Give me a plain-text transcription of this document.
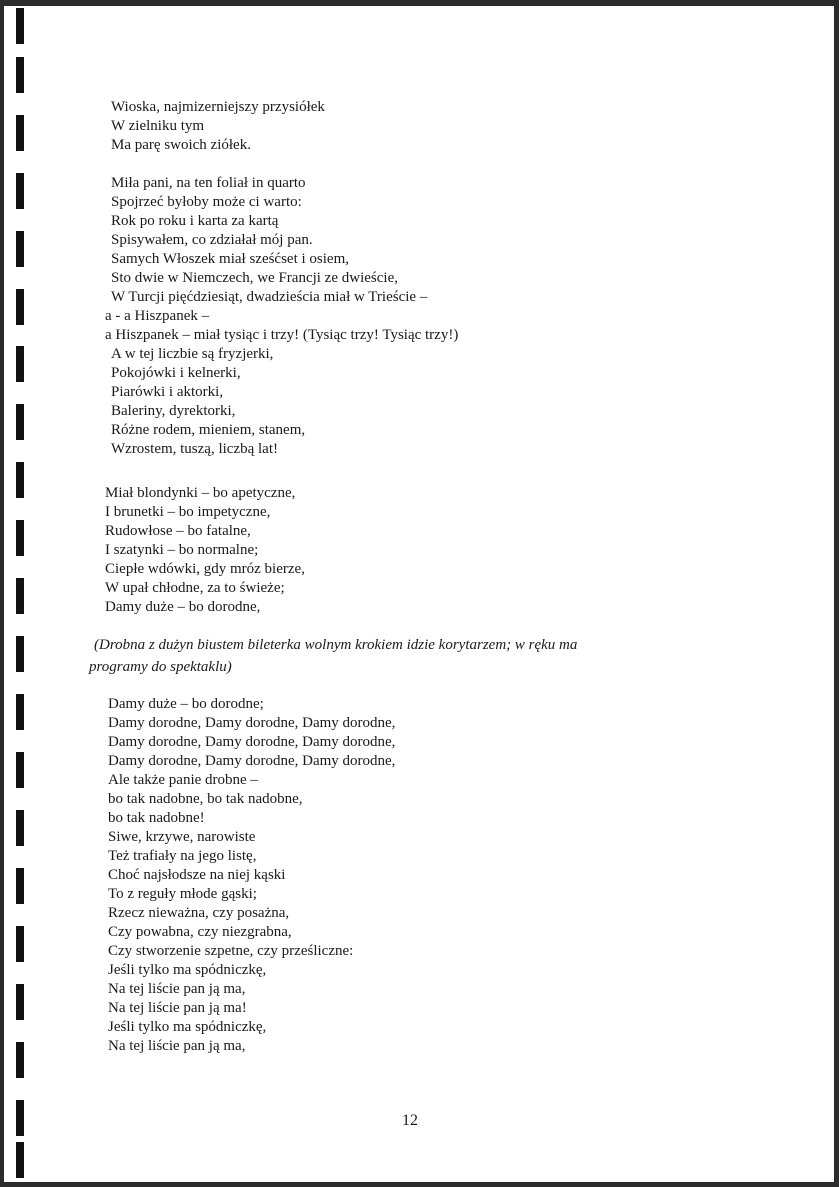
Wioska, najmizerniejszy przysiółek
W zielniku tym
Ma parę swoich ziółek.
Miła pani, na ten foliał in quarto
Spojrzeć byłoby może ci warto:
Rok po roku i karta za kartą
Spisywałem, co zdziałał mój pan.
Samych Włoszek miał sześćset i osiem,
Sto dwie w Niemczech, we Francji ze dwieście,
W Turcji pięćdziesiąt, dwadzieścia miał w Trieście –
a - a Hiszpanek –
a Hiszpanek – miał tysiąc i trzy! (Tysiąc trzy! Tysiąc trzy!)
A w tej liczbie są fryzjerki,
Pokojówki i kelnerki,
Piarówki i aktorki,
Baleriny, dyrektorki,
Różne rodem, mieniem, stanem,
Wzrostem, tuszą, liczbą lat!
Miał blondynki – bo apetyczne,
I brunetki – bo impetyczne,
Rudowłose – bo fatalne,
I szatynki – bo normalne;
Ciepłe wdówki, gdy mróz bierze,
W upał chłodne, za to świeże;
Damy duże – bo dorodne,
(Drobna z dużyn biustem bileterka wolnym krokiem idzie korytarzem; w ręku ma
programy do spektaklu)
Damy duże – bo dorodne;
Damy dorodne, Damy dorodne, Damy dorodne,
Damy dorodne, Damy dorodne, Damy dorodne,
Damy dorodne, Damy dorodne, Damy dorodne,
Ale także panie drobne –
bo tak nadobne, bo tak nadobne,
bo tak nadobne!
Siwe, krzywe, narowiste
Też trafiały na jego listę,
Choć najsłodsze na niej kąski
To z reguły młode gąski;
Rzecz nieważna, czy posażna,
Czy powabna, czy niezgrabna,
Czy stworzenie szpetne, czy prześliczne:
Jeśli tylko ma spódniczkę,
Na tej liście pan ją ma,
Na tej liście pan ją ma!
Jeśli tylko ma spódniczkę,
Na tej liście pan ją ma,
12
